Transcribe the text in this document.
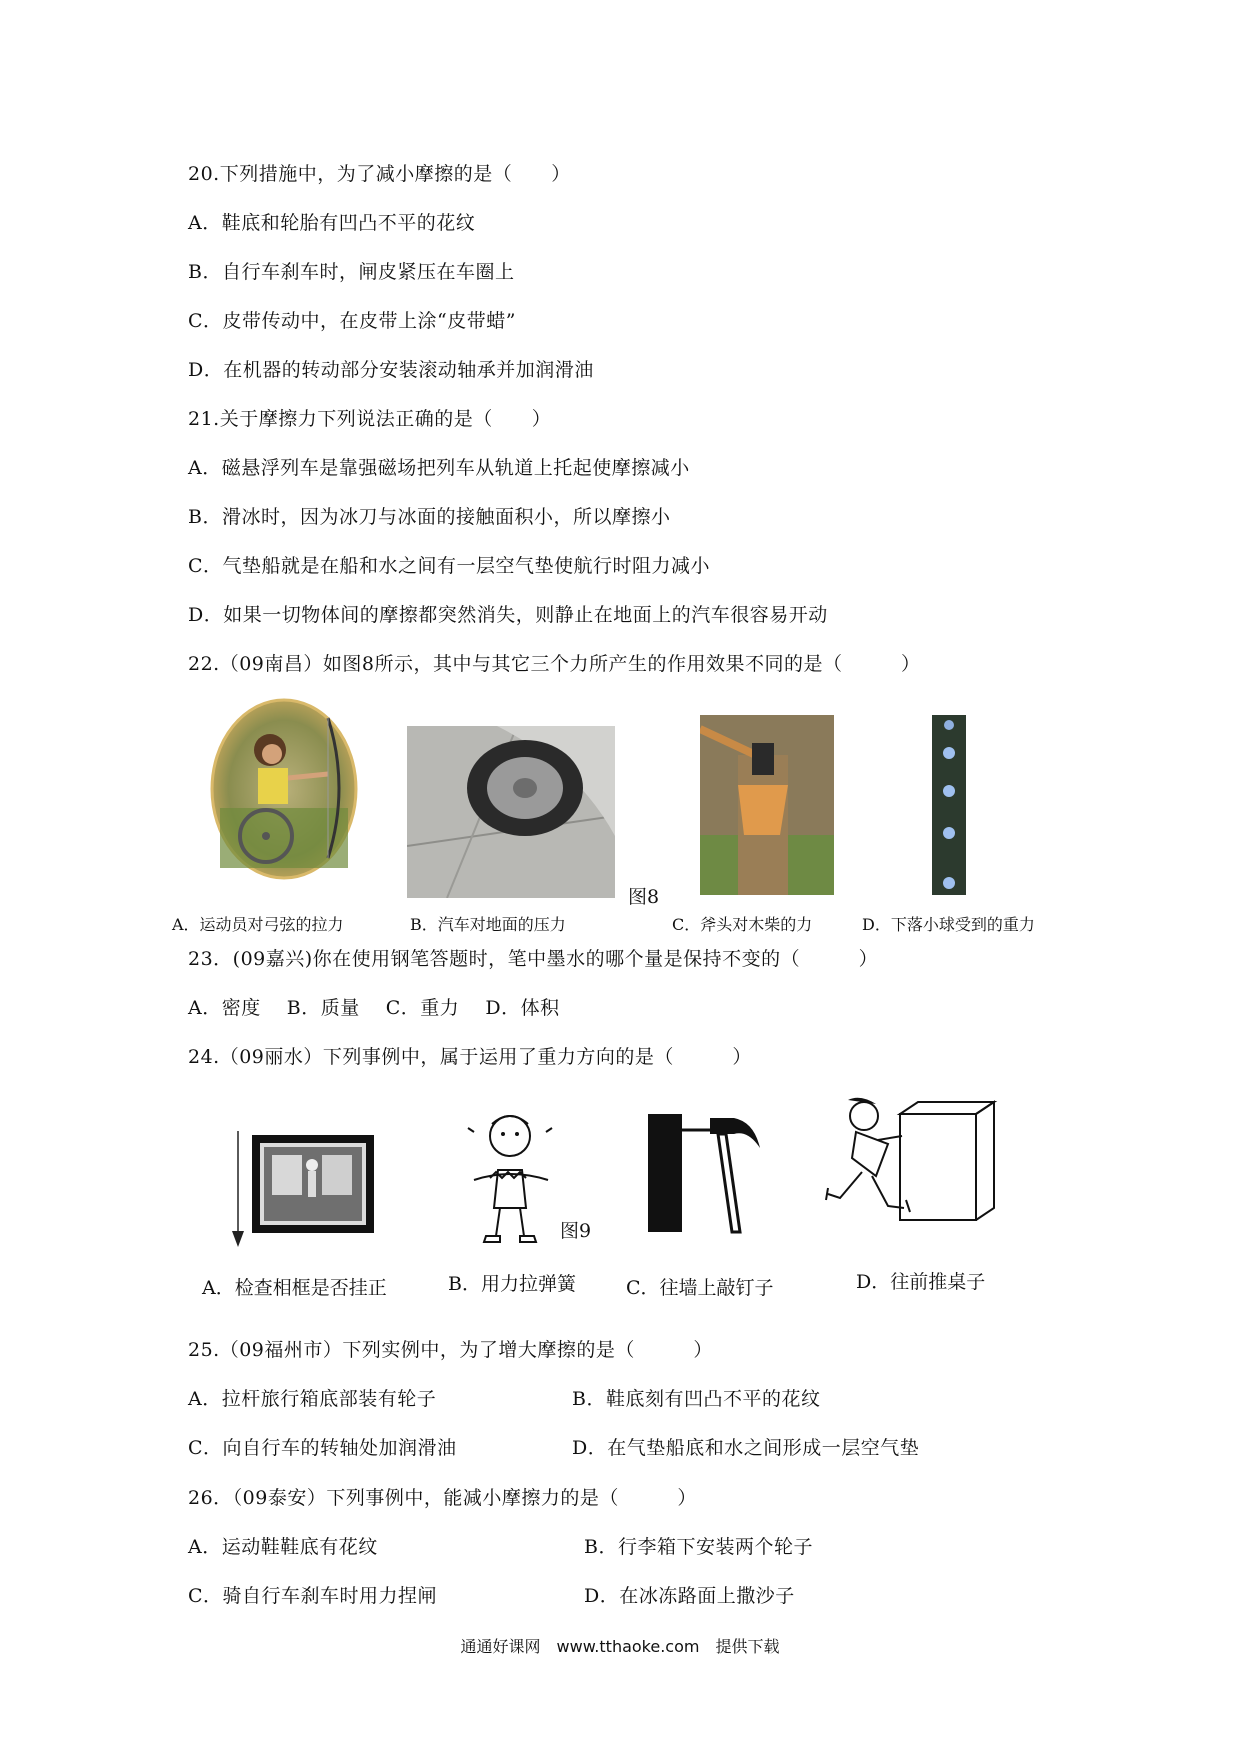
20.下列措施中，为了减小摩擦的是（　　）
A．鞋底和轮胎有凹凸不平的花纹
B．自行车刹车时，闸皮紧压在车圈上
C．皮带传动中，在皮带上涂“皮带蜡”
D．在机器的转动部分安装滚动轴承并加润滑油
21.关于摩擦力下列说法正确的是（　　）
A．磁悬浮列车是靠强磁场把列车从轨道上托起使摩擦减小
B．滑冰时，因为冰刀与冰面的接触面积小，所以摩擦小
C．气垫船就是在船和水之间有一层空气垫使航行时阻力减小
D．如果一切物体间的摩擦都突然消失，则静止在地面上的汽车很容易开动
22.（09南昌）如图8所示，其中与其它三个力所产生的作用效果不同的是（　　　）
图8
A．运动员对弓弦的拉力	B．汽车对地面的压力	C．斧头对木柴的力	D．下落小球受到的重力
23．(09嘉兴)你在使用钢笔答题时，笔中墨水的哪个量是保持不变的（　　　）
A．密度　 B．质量　 C．重力　 D．体积
24.（09丽水）下列事例中，属于运用了重力方向的是（　　　）
图9
A．检查相框是否挂正	B．用力拉弹簧	C．往墙上敲钉子	D．往前推桌子
25.（09福州市）下列实例中，为了增大摩擦的是（　　　）
A．拉杆旅行箱底部装有轮子	B．鞋底刻有凹凸不平的花纹
C．向自行车的转轴处加润滑油	D．在气垫船底和水之间形成一层空气垫
26．（09泰安）下列事例中，能减小摩擦力的是（　　　）
A．运动鞋鞋底有花纹	B．行李箱下安装两个轮子
C．骑自行车刹车时用力捏闸	D．在冰冻路面上撒沙子
通通好课网　www.tthaoke.com　提供下载
